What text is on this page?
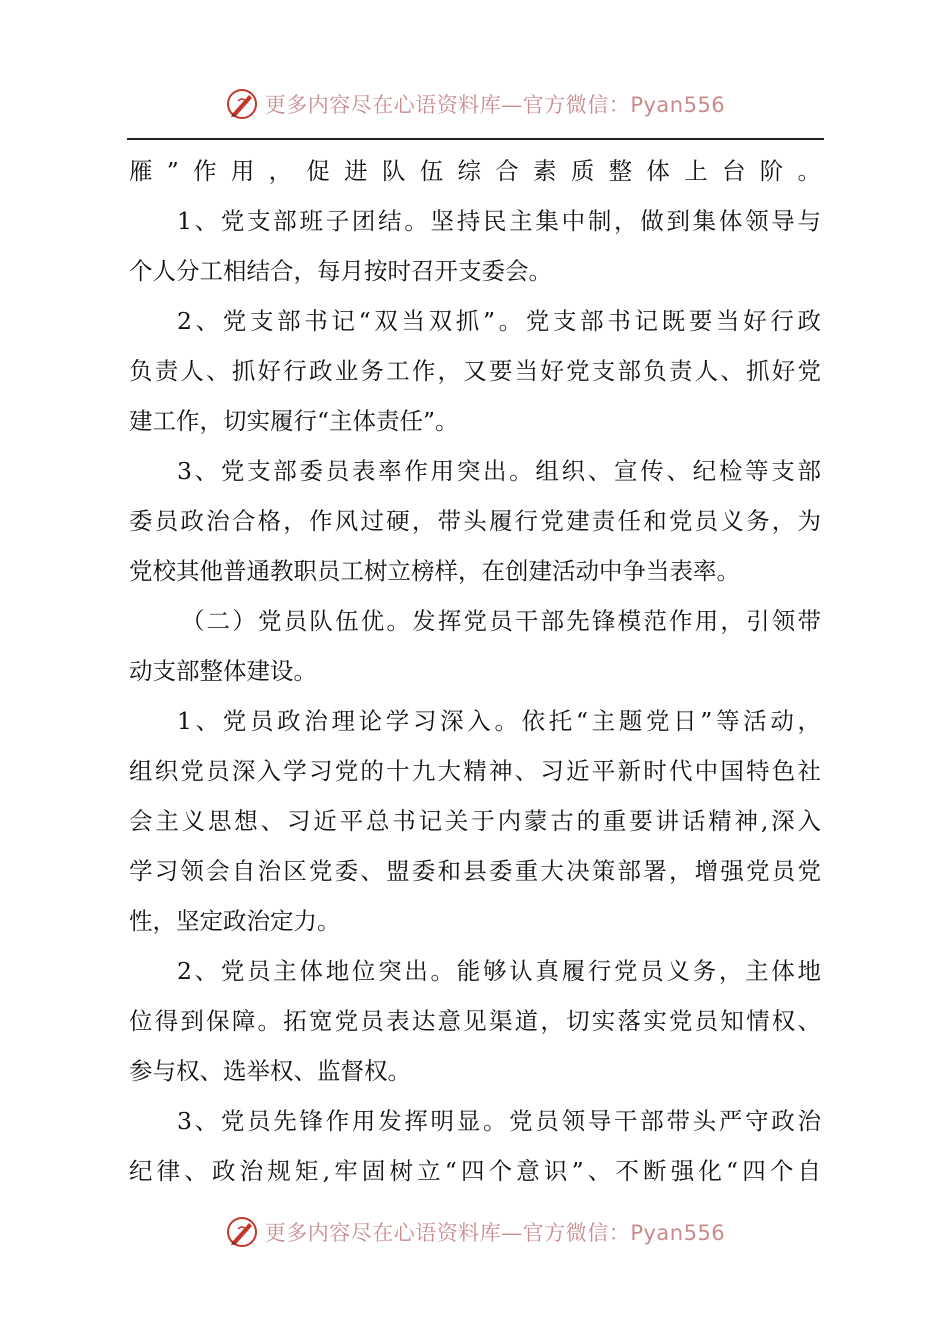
更多内容尽在心语资料库—官方微信：Pyan556
雁”作用，促进队伍综合素质整体上台阶。
1、党支部班子团结。坚持民主集中制，做到集体领导与
个人分工相结合，每月按时召开支委会。
2、党支部书记“双当双抓”。党支部书记既要当好行政
负责人、抓好行政业务工作，又要当好党支部负责人、抓好党
建工作，切实履行“主体责任”。
3、党支部委员表率作用突出。组织、宣传、纪检等支部
委员政治合格，作风过硬，带头履行党建责任和党员义务，为
党校其他普通教职员工树立榜样，在创建活动中争当表率。
（二）党员队伍优。发挥党员干部先锋模范作用，引领带
动支部整体建设。
1、党员政治理论学习深入。依托“主题党日”等活动，
组织党员深入学习党的十九大精神、习近平新时代中国特色社
会主义思想、习近平总书记关于内蒙古的重要讲话精神,深入
学习领会自治区党委、盟委和县委重大决策部署，增强党员党
性，坚定政治定力。
2、党员主体地位突出。能够认真履行党员义务，主体地
位得到保障。拓宽党员表达意见渠道，切实落实党员知情权、
参与权、选举权、监督权。
3、党员先锋作用发挥明显。党员领导干部带头严守政治
纪律、政治规矩,牢固树立“四个意识”、不断强化“四个自
更多内容尽在心语资料库—官方微信：Pyan556
